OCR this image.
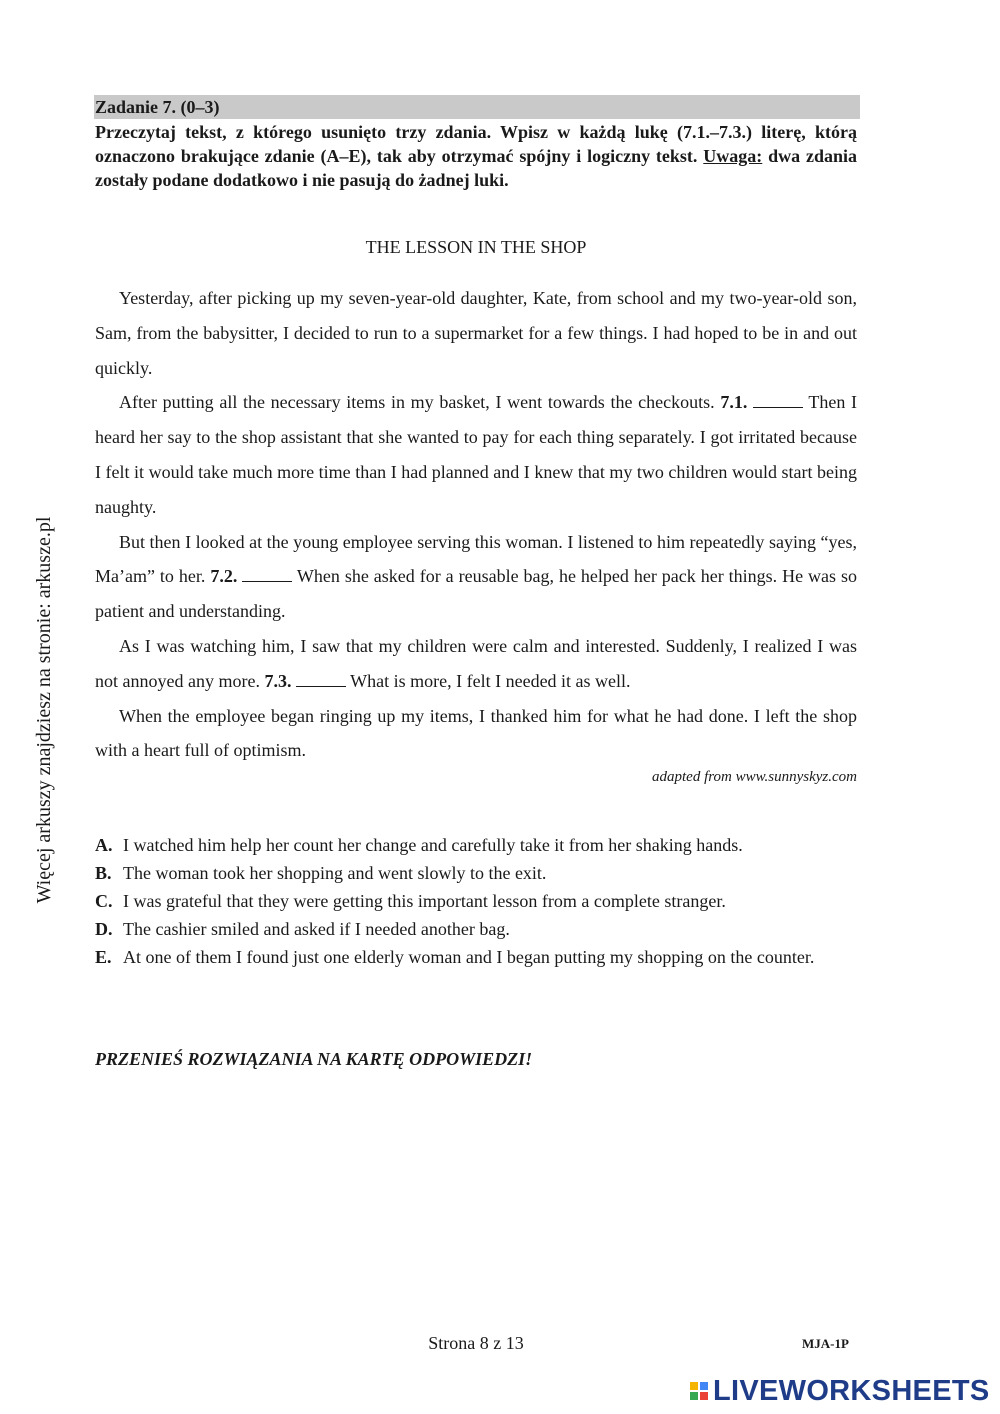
Zadanie 7. (0–3)
Przeczytaj tekst, z którego usunięto trzy zdania. Wpisz w każdą lukę (7.1.–7.3.) literę, którą oznaczono brakujące zdanie (A–E), tak aby otrzymać spójny i logiczny tekst. Uwaga: dwa zdania zostały podane dodatkowo i nie pasują do żadnej luki.
THE LESSON IN THE SHOP

Yesterday, after picking up my seven-year-old daughter, Kate, from school and my two-year-old son, Sam, from the babysitter, I decided to run to a supermarket for a few things. I had hoped to be in and out quickly.

After putting all the necessary items in my basket, I went towards the checkouts. 7.1.	Then I heard her say to the shop assistant that she wanted to pay for each thing separately. I got irritated because I felt it would take much more time than I had planned and I knew that my two children would start being naughty.

But then I looked at the young employee serving this woman. I listened to him repeatedly saying “yes, Ma’am” to her. 7.2.	When she asked for a reusable bag, he helped her pack her things. He was so patient and understanding.

As I was watching him, I saw that my children were calm and interested. Suddenly, I realized I was not annoyed any more. 7.3.	What is more, I felt I needed it as well.

When the employee began ringing up my items, I thanked him for what he had done. I left the shop with a heart full of optimism.

adapted from www.sunnyskyz.com
A. I watched him help her count her change and carefully take it from her shaking hands.
B. The woman took her shopping and went slowly to the exit.
C. I was grateful that they were getting this important lesson from a complete stranger.
D. The cashier smiled and asked if I needed another bag.
E. At one of them I found just one elderly woman and I began putting my shopping on the counter.
PRZENIEŚ ROZWIĄZANIA NA KARTĘ ODPOWIEDZI!
Więcej arkuszy znajdziesz na stronie: arkusze.pl
Strona 8 z 13	MJA-1P
LIVEWORKSHEETS
